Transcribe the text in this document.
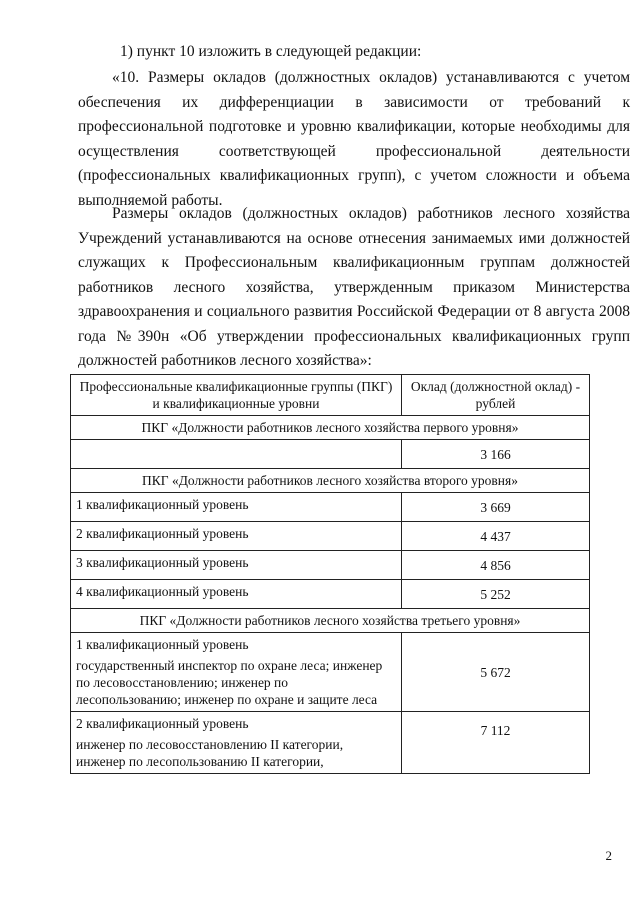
1) пункт 10 изложить в следующей редакции:
«10. Размеры окладов (должностных окладов) устанавливаются с учетом обеспечения их дифференциации в зависимости от требований к профессиональной подготовке и уровню квалификации, которые необходимы для осуществления соответствующей профессиональной деятельности (профессиональных квалификационных групп), с учетом сложности и объема выполняемой работы.
Размеры окладов (должностных окладов) работников лесного хозяйства Учреждений устанавливаются на основе отнесения занимаемых ими должностей служащих к Профессиональным квалификационным группам должностей работников лесного хозяйства, утвержденным приказом Министерства здравоохранения и социального развития Российской Федерации от 8 августа 2008 года №390н «Об утверждении профессиональных квалификационных групп должностей работников лесного хозяйства»:
Профессиональные квалификационные группы (ПКГ) и квалификационные уровни	Оклад (должностной оклад) - рублей
ПКГ «Должности работников лесного хозяйства первого уровня»	
	3 166
ПКГ «Должности работников лесного хозяйства второго уровня»	
1 квалификационный уровень	3 669
2 квалификационный уровень	4 437
3 квалификационный уровень	4 856
4 квалификационный уровень	5 252
ПКГ «Должности работников лесного хозяйства третьего уровня»	
1 квалификационный уровень
государственный инспектор по охране леса; инженер по лесовосстановлению; инженер по лесопользованию; инженер по охране и защите леса	5 672
2 квалификационный уровень
инженер по лесовосстановлению II категории, инженер по лесопользованию II категории,	7 112
2
